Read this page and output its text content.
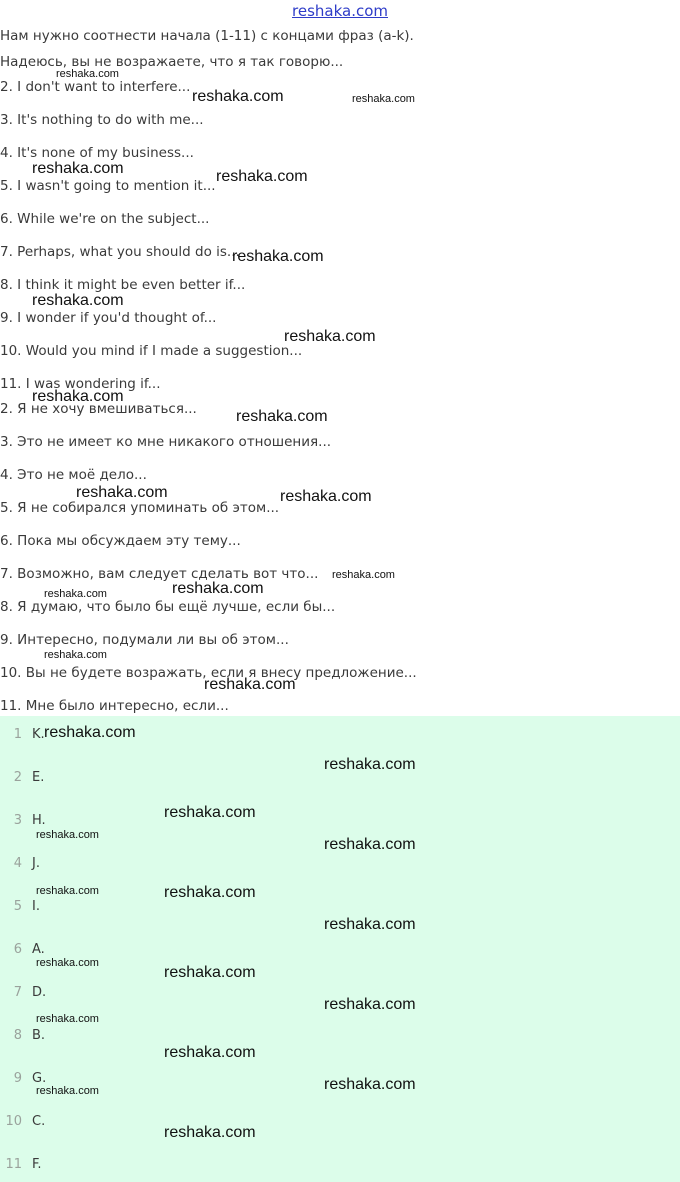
reshaka.com
Нам нужно соотнести начала (1-11) с концами фраз (a-k).
Надеюсь, вы не возражаете, что я так говорю...
2. I don't want to interfere...
3. It's nothing to do with me...
4. It's none of my business...
5. I wasn't going to mention it...
6. While we're on the subject...
7. Perhaps, what you should do is...
8. I think it might be even better if...
9. I wonder if you'd thought of...
10. Would you mind if I made a suggestion...
11. I was wondering if...
2. Я не хочу вмешиваться...
3. Это не имеет ко мне никакого отношения...
4. Это не моё дело...
5. Я не собирался упоминать об этом...
6. Пока мы обсуждаем эту тему...
7. Возможно, вам следует сделать вот что...
8. Я думаю, что было бы ещё лучше, если бы...
9. Интересно, подумали ли вы об этом...
10. Вы не будете возражать, если я внесу предложение...
11. Мне было интересно, если...
1 K.
2 E.
3 H.
4 J.
5 I.
6 A.
7 D.
8 B.
9 G.
10 C.
11 F.
reshaka.com
reshaka.com	reshaka.com
reshaka.com	reshaka.com
reshaka.com
reshaka.com
reshaka.com
reshaka.com
reshaka.com
reshaka.com	reshaka.com
reshaka.com
reshaka.com
reshaka.com
reshaka.com
reshaka.com
reshaka.com
reshaka.com
reshaka.com
reshaka.com
reshaka.com
reshaka.com	reshaka.com
reshaka.com
reshaka.com
reshaka.com
reshaka.com
reshaka.com
reshaka.com
reshaka.com
reshaka.com
reshaka.com
